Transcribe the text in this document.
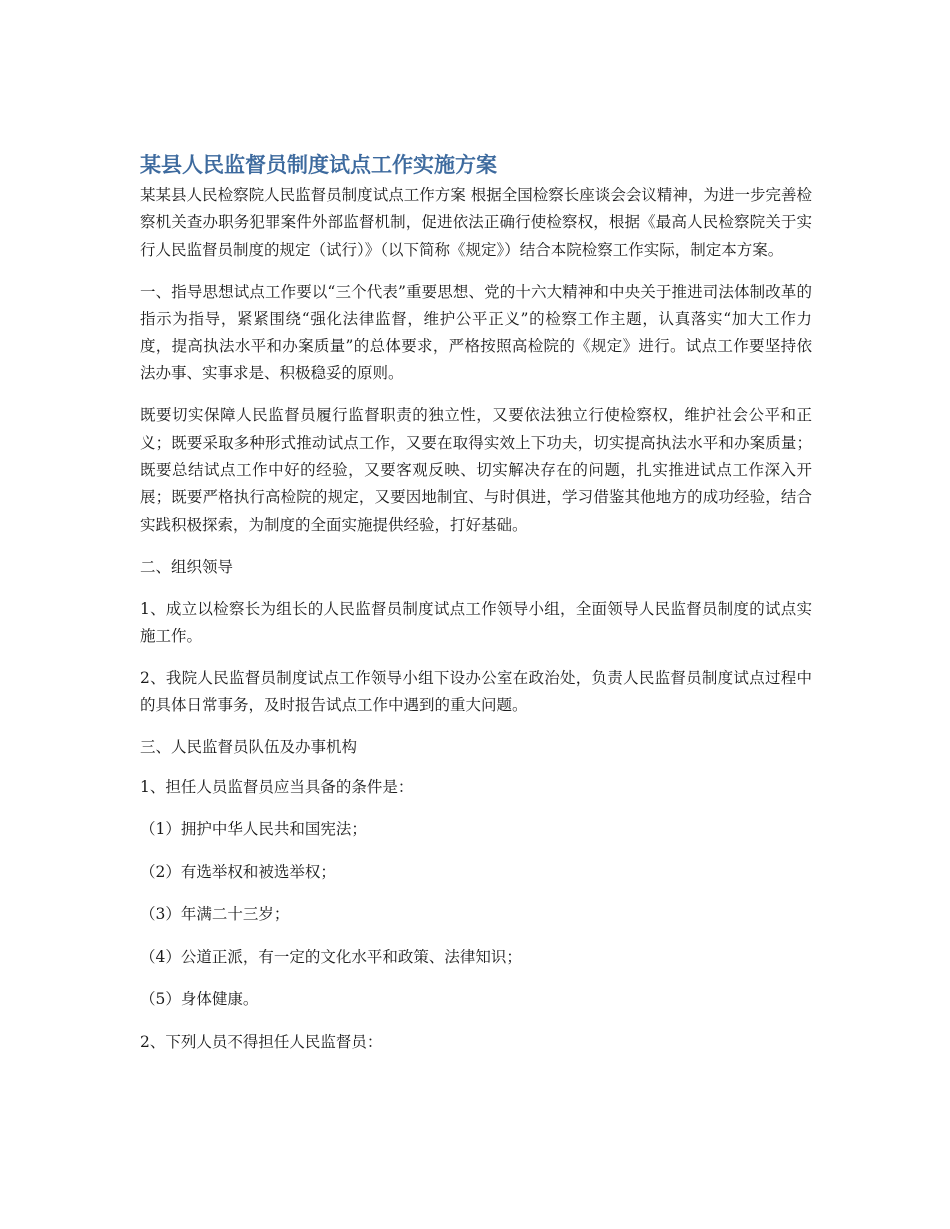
某县人民监督员制度试点工作实施方案

某某县人民检察院人民监督员制度试点工作方案 根据全国检察长座谈会会议精神，为进一步完善检察机关查办职务犯罪案件外部监督机制，促进依法正确行使检察权，根据《最高人民检察院关于实行人民监督员制度的规定（试行）》（以下简称《规定》）结合本院检察工作实际，制定本方案。

一、指导思想试点工作要以“三个代表”重要思想、党的十六大精神和中央关于推进司法体制改革的指示为指导，紧紧围绕“强化法律监督，维护公平正义”的检察工作主题，认真落实“加大工作力度，提高执法水平和办案质量”的总体要求，严格按照高检院的《规定》进行。试点工作要坚持依法办事、实事求是、积极稳妥的原则。

既要切实保障人民监督员履行监督职责的独立性，又要依法独立行使检察权，维护社会公平和正义；既要采取多种形式推动试点工作，又要在取得实效上下功夫，切实提高执法水平和办案质量；既要总结试点工作中好的经验，又要客观反映、切实解决存在的问题，扎实推进试点工作深入开展；既要严格执行高检院的规定，又要因地制宜、与时俱进，学习借鉴其他地方的成功经验，结合实践积极探索，为制度的全面实施提供经验，打好基础。

二、组织领导

1、成立以检察长为组长的人民监督员制度试点工作领导小组，全面领导人民监督员制度的试点实施工作。

2、我院人民监督员制度试点工作领导小组下设办公室在政治处，负责人民监督员制度试点过程中的具体日常事务，及时报告试点工作中遇到的重大问题。

三、人民监督员队伍及办事机构

1、担任人员监督员应当具备的条件是：

（1）拥护中华人民共和国宪法；

（2）有选举权和被选举权；

（3）年满二十三岁；

（4）公道正派，有一定的文化水平和政策、法律知识；

（5）身体健康。

2、下列人员不得担任人民监督员：
